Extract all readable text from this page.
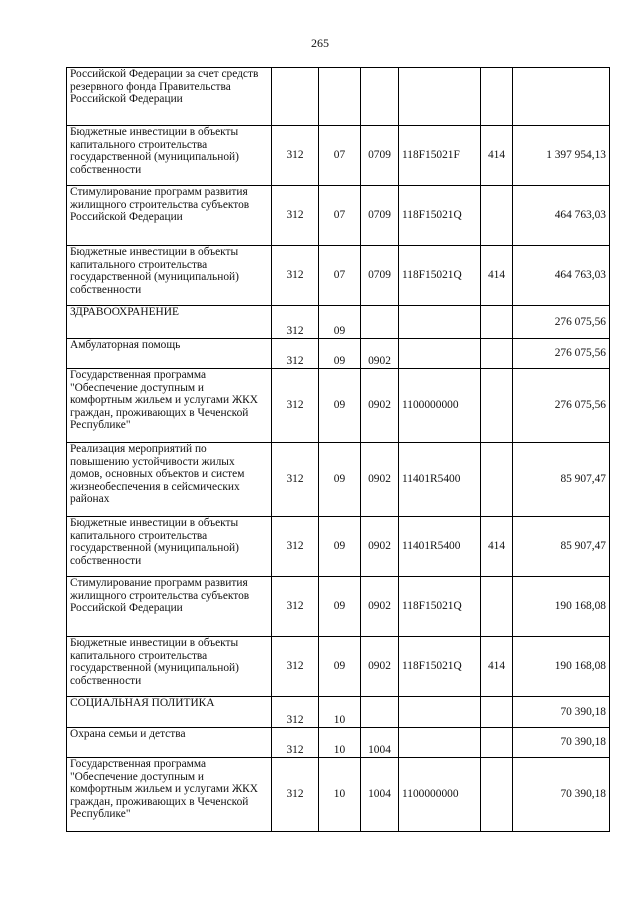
265
Российской Федерации за счет средств резервного фонда Правительства Российской Федерации						
Бюджетные инвестиции в объекты капитального строительства государственной (муниципальной) собственности	312	07	0709	118F15021F	414	1 397 954,13
Стимулирование программ развития жилищного строительства субъектов Российской Федерации	312	07	0709	118F15021Q		464 763,03
Бюджетные инвестиции в объекты капитального строительства государственной (муниципальной) собственности	312	07	0709	118F15021Q	414	464 763,03
ЗДРАВООХРАНЕНИЕ	312	09				276 075,56
Амбулаторная помощь	312	09	0902			276 075,56
Государственная программа "Обеспечение доступным и комфортным жильем и услугами ЖКХ граждан, проживающих в Чеченской Республике"	312	09	0902	1100000000		276 075,56
Реализация мероприятий по повышению устойчивости жилых домов, основных объектов и систем жизнеобеспечения в сейсмических районах	312	09	0902	11401R5400		85 907,47
Бюджетные инвестиции в объекты капитального строительства государственной (муниципальной) собственности	312	09	0902	11401R5400	414	85 907,47
Стимулирование программ развития жилищного строительства субъектов Российской Федерации	312	09	0902	118F15021Q		190 168,08
Бюджетные инвестиции в объекты капитального строительства государственной (муниципальной) собственности	312	09	0902	118F15021Q	414	190 168,08
СОЦИАЛЬНАЯ ПОЛИТИКА	312	10				70 390,18
Охрана семьи и детства	312	10	1004			70 390,18
Государственная программа "Обеспечение доступным и комфортным жильем и услугами ЖКХ граждан, проживающих в Чеченской Республике"	312	10	1004	1100000000		70 390,18
